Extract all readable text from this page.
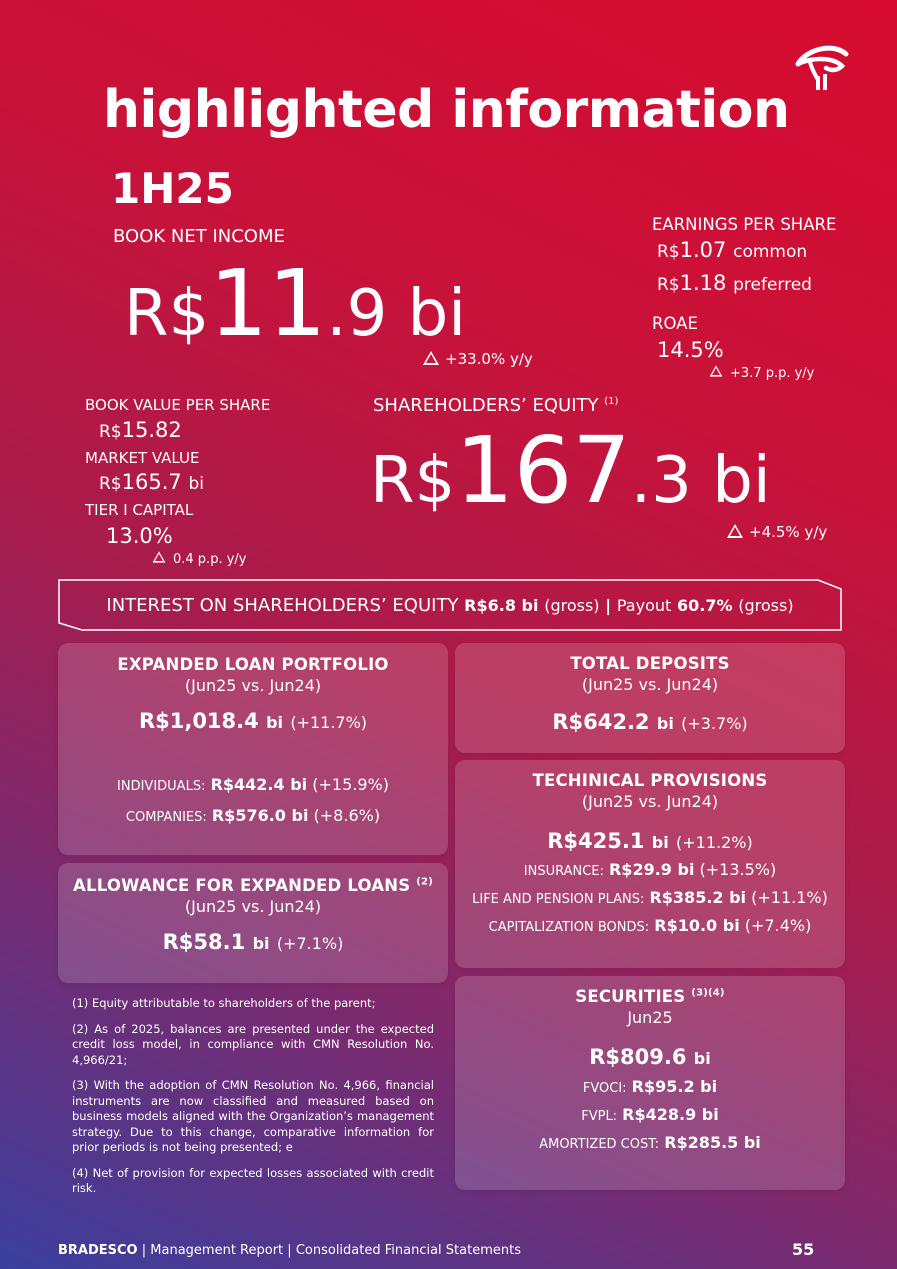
highlighted information
1H25
BOOK NET INCOME
R$11.9 bi
+33.0% y/y
EARNINGS PER SHARE
R$1.07 common
R$1.18 preferred
ROAE
14.5%
+3.7 p.p. y/y
BOOK VALUE PER SHARE
R$15.82
MARKET VALUE
R$165.7 bi
TIER I CAPITAL
13.0%
0.4 p.p. y/y
SHAREHOLDERS’ EQUITY $^{(1)}$
R$167.3 bi
+4.5% y/y
INTEREST ON SHAREHOLDERS’ EQUITY
R$6.8 bi
(gross)
|
Payout
60.7%
(gross)
EXPANDED LOAN PORTFOLIO
(Jun25 vs. Jun24)
R$1,018.4 bi (+11.7%)
INDIVIDUALS: R$442.4 bi (+15.9%)
COMPANIES: R$576.0 bi (+8.6%)
ALLOWANCE FOR EXPANDED LOANS $^{(2)}$
(Jun25 vs. Jun24)
R$58.1 bi (+7.1%)
TOTAL DEPOSITS
(Jun25 vs. Jun24)
R$642.2 bi (+3.7%)
TECHINICAL PROVISIONS
(Jun25 vs. Jun24)
R$425.1 bi (+11.2%)
INSURANCE: R$29.9 bi (+13.5%)
LIFE AND PENSION PLANS: R$385.2 bi (+11.1%)
CAPITALIZATION BONDS: R$10.0 bi (+7.4%)
SECURITIES $^{(3)(4)}$
Jun25
R$809.6 bi
FVOCI: R$95.2 bi
FVPL: R$428.9 bi
AMORTIZED COST: R$285.5 bi

(1) Equity attributable to shareholders of the parent;

(2) As of 2025, balances are presented under the expected credit loss model, in compliance with CMN Resolution No. 4,966/21;

(3) With the adoption of CMN Resolution No. 4,966, financial instruments are now classified and measured based on business models aligned with the Organization’s management strategy. Due to this change, comparative information for prior periods is not being presented; e

(4) Net of provision for expected losses associated with credit risk.

BRADESCO | Management Report | Consolidated Financial Statements	55
